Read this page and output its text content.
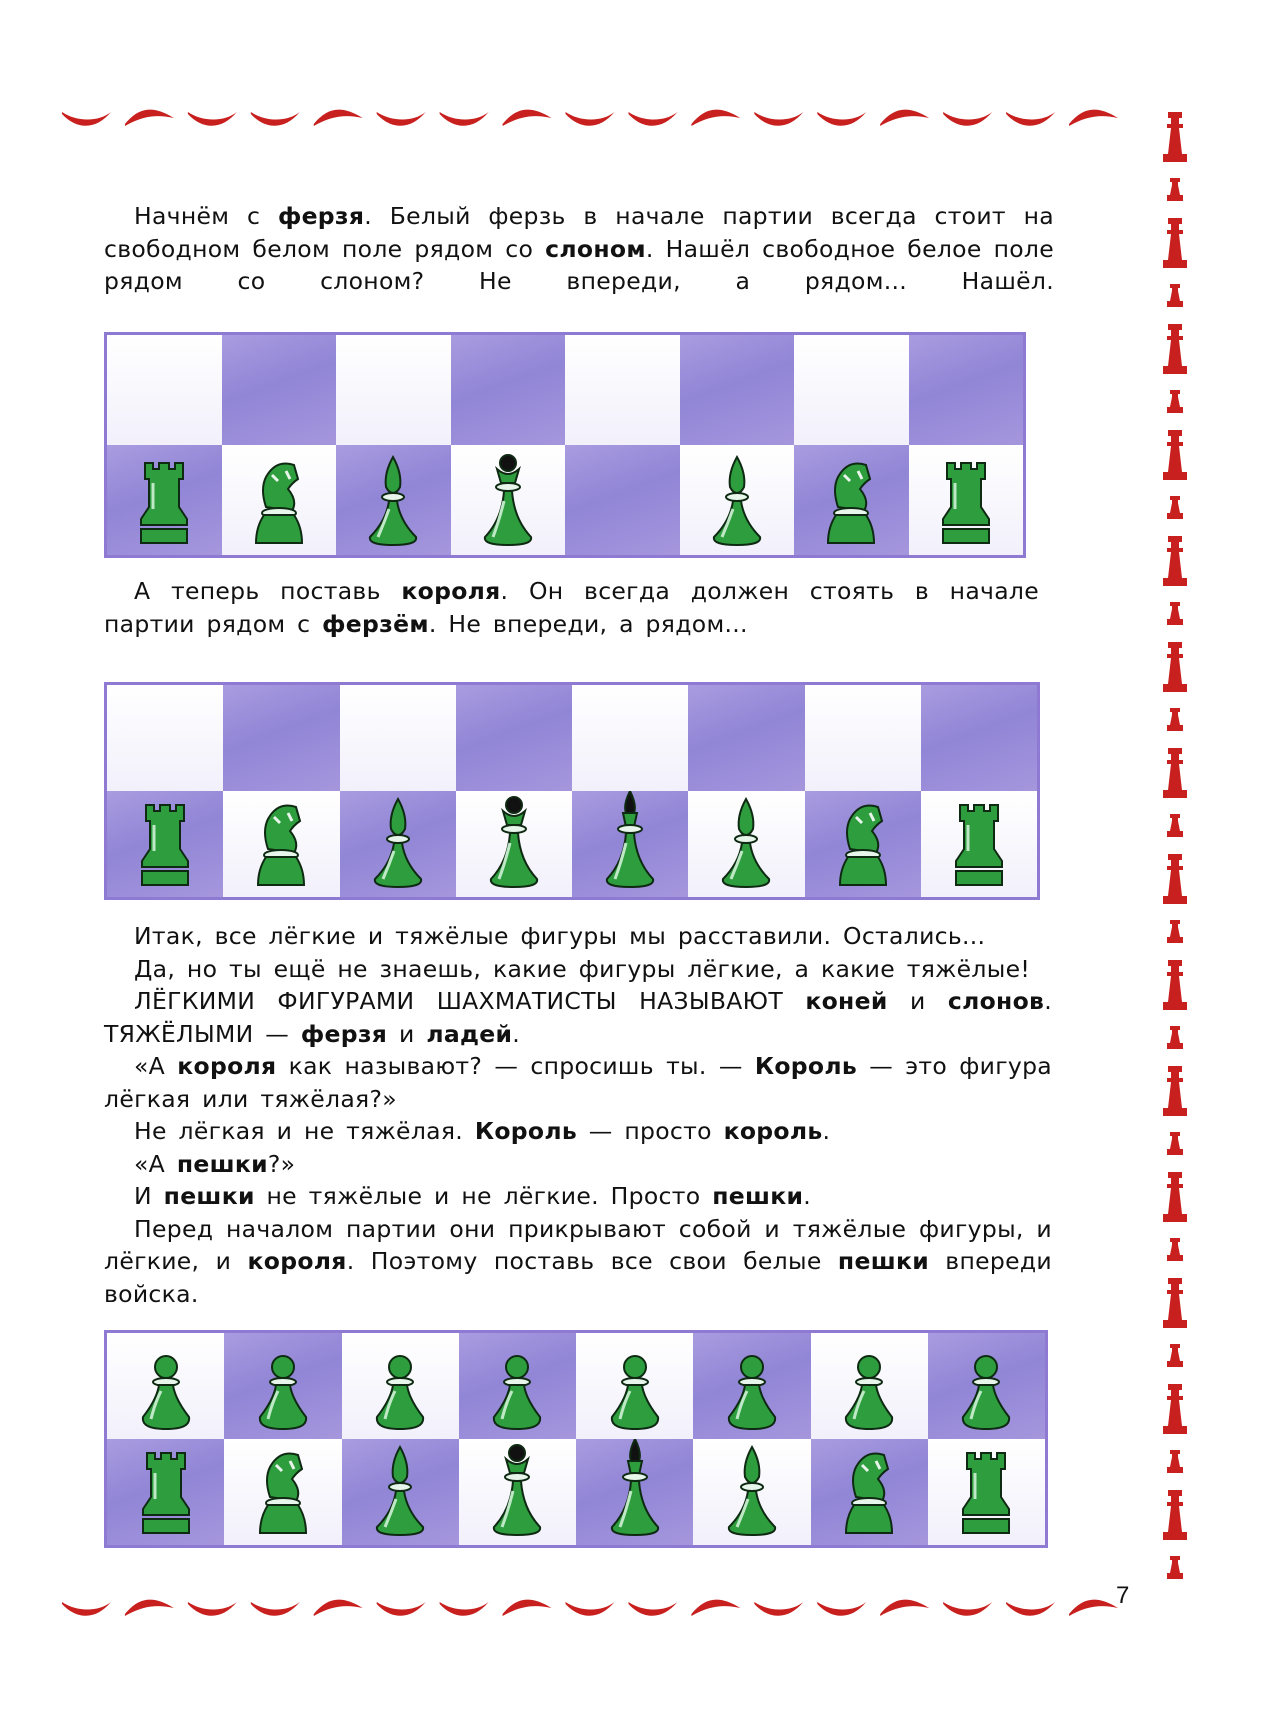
Начнём с ферзя. Белый ферзь в начале партии всегда стоит на свободном белом поле рядом со слоном. Нашёл свободное белое поле рядом со слоном? Не впереди, а рядом... Нашёл.

А теперь поставь короля. Он всегда должен стоять в начале партии рядом с ферзём. Не впереди, а рядом...

Итак, все лёгкие и тяжёлые фигуры мы расставили. Остались...

Да, но ты ещё не знаешь, какие фигуры лёгкие, а какие тяжёлые!

ЛЁГКИМИ ФИГУРАМИ ШАХМАТИСТЫ НАЗЫВАЮТ коней и слонов. ТЯЖЁЛЫМИ — ферзя и ладей.

«А короля как называют? — спросишь ты. — Король — это фигура лёгкая или тяжёлая?»

Не лёгкая и не тяжёлая. Король — просто король.

«А пешки?»

И пешки не тяжёлые и не лёгкие. Просто пешки.

Перед началом партии они прикрывают собой и тяжёлые фигуры, и лёгкие, и короля. Поэтому поставь все свои белые пешки впереди войска.

7
